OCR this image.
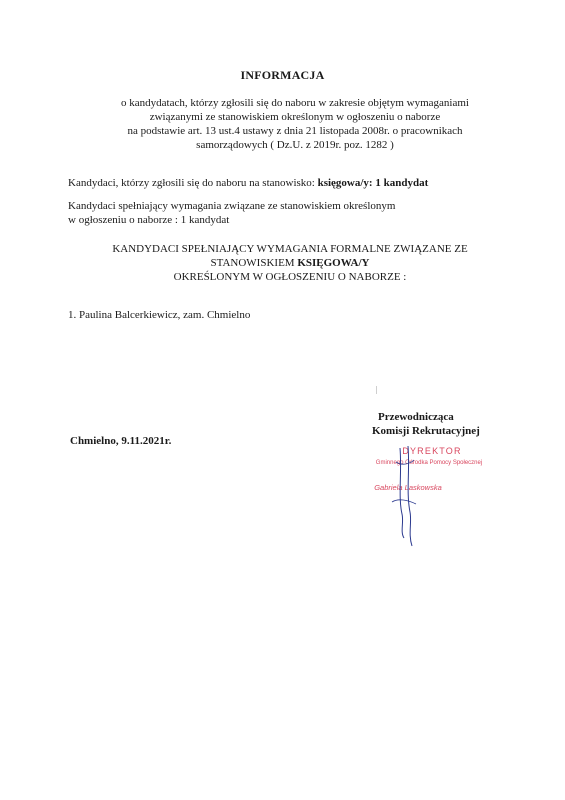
INFORMACJA
o kandydatach, którzy zgłosili się do naboru w zakresie objętym wymaganiami
związanymi ze stanowiskiem określonym w ogłoszeniu o naborze
na podstawie art. 13 ust.4 ustawy z dnia 21 listopada 2008r. o pracownikach
samorządowych ( Dz.U. z 2019r. poz. 1282 )
Kandydaci, którzy zgłosili się do naboru na stanowisko: księgowa/y: 1 kandydat
Kandydaci spełniający wymagania związane ze stanowiskiem określonym
w ogłoszeniu o naborze : 1 kandydat
KANDYDACI SPEŁNIAJĄCY WYMAGANIA FORMALNE ZWIĄZANE ZE
STANOWISKIEM KSIĘGOWA/Y
OKREŚLONYM W OGŁOSZENIU O NABORZE :
1. Paulina Balcerkiewicz, zam. Chmielno
Przewodnicząca
Komisji Rekrutacyjnej
Chmielno, 9.11.2021r.
DYREKTOR
Gminnego Ośrodka Pomocy Społecznej
Gabriela Laskowska
